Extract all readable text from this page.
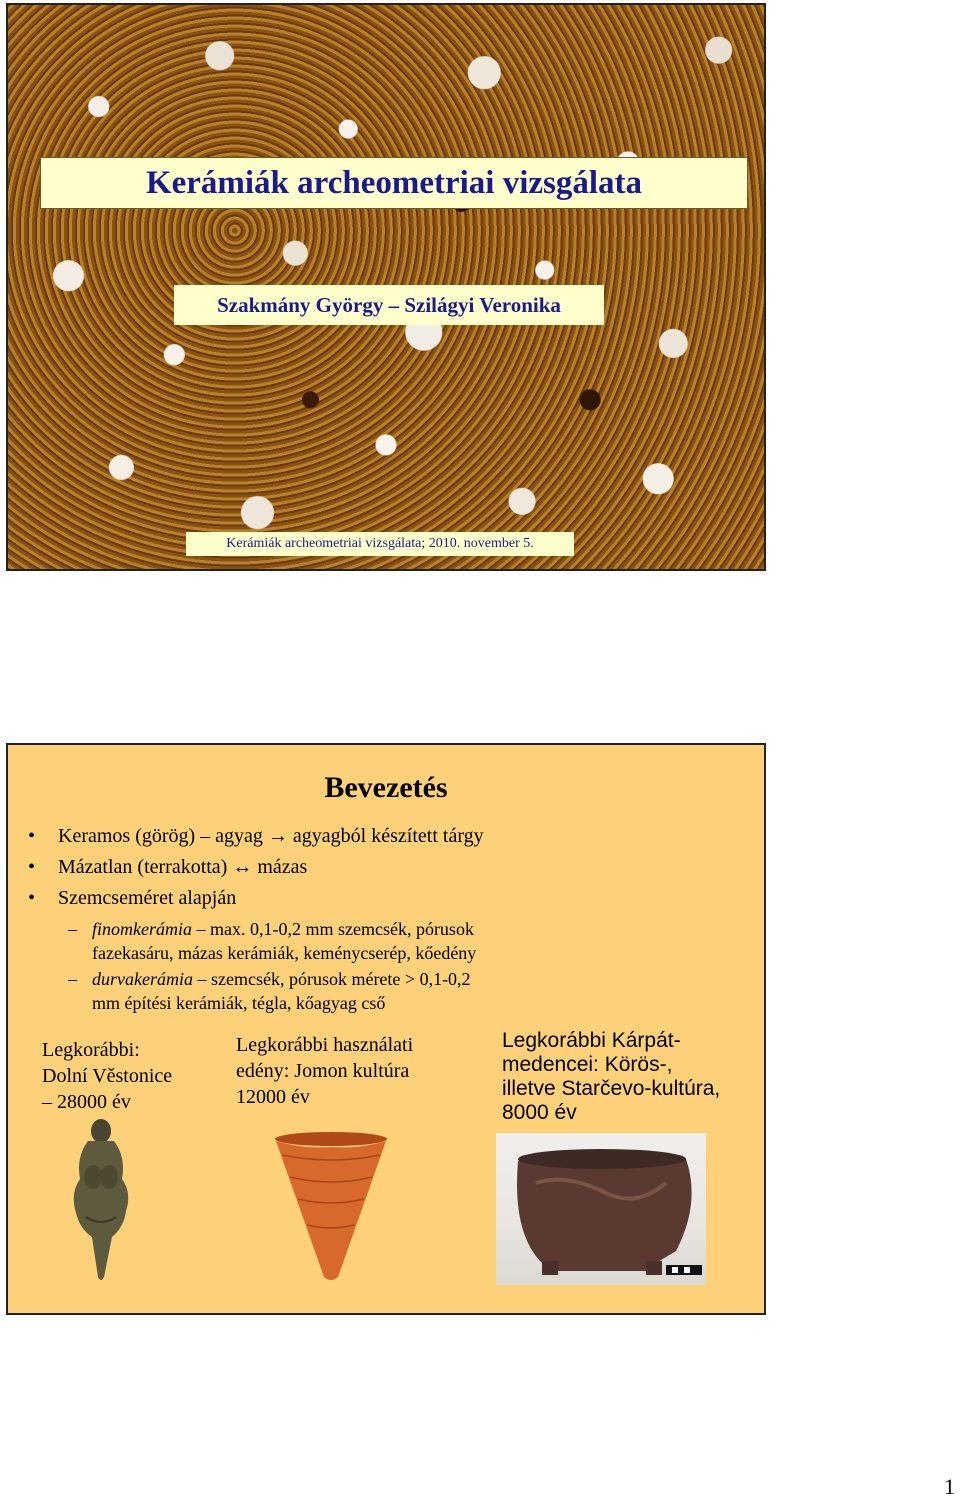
Kerámiák archeometriai vizsgálata
Szakmány György – Szilágyi Veronika
Kerámiák archeometriai vizsgálata; 2010. november 5.
Bevezetés
•	Keramos (görög) – agyag → agyagból készített tárgy
•	Mázatlan (terrakotta) ↔ mázas
•	Szemcseméret alapján
– finomkerámia – max. 0,1-0,2 mm szemcsék, pórusok
fazekasáru, mázas kerámiák, keménycserép, kőedény
– durvakerámia – szemcsék, pórusok mérete > 0,1-0,2
mm építési kerámiák, tégla, kőagyag cső
Legkorábbi:
Dolní Věstonice
– 28000 év
Legkorábbi használati
edény: Jomon kultúra
12000 év
Legkorábbi Kárpát-
medencei: Körös-,
illetve Starčevo-kultúra,
8000 év
1
